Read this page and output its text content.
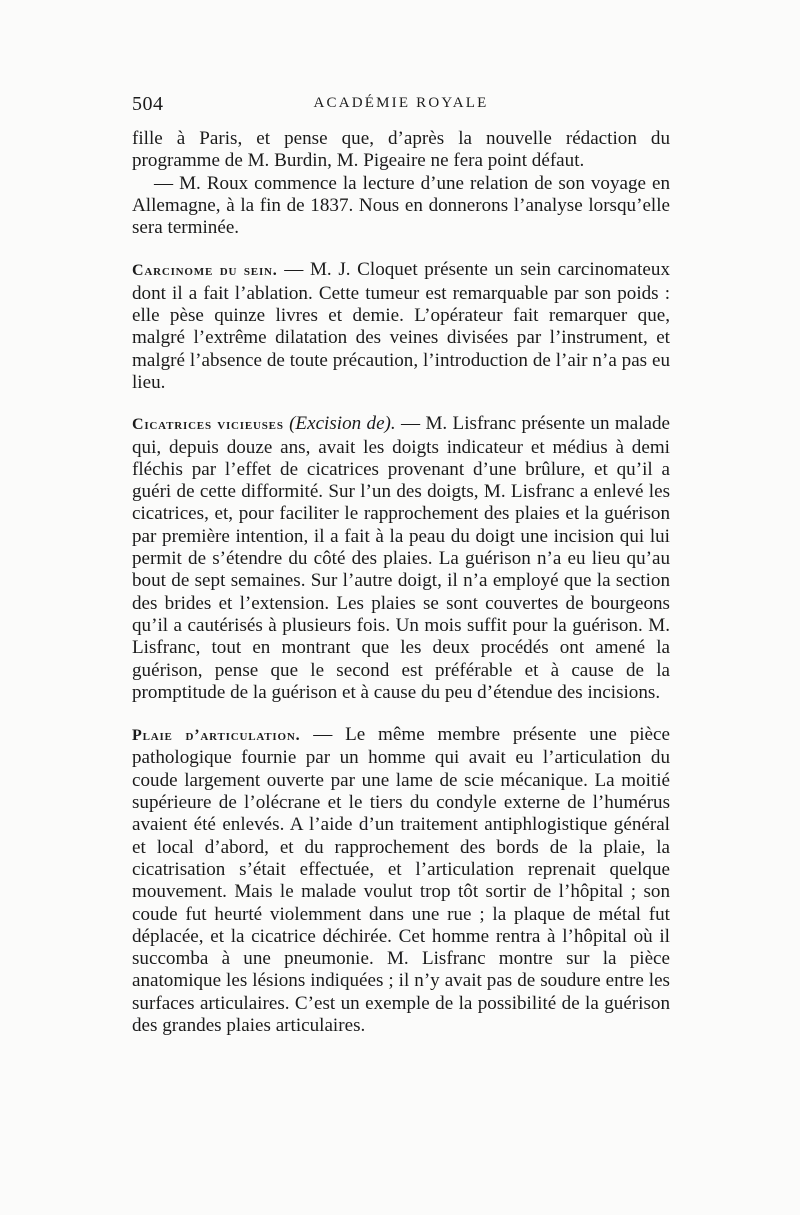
504	ACADÉMIE ROYALE

fille à Paris, et pense que, d’après la nouvelle rédaction du programme de M. Burdin, M. Pigeaire ne fera point défaut.

— M. Roux commence la lecture d’une relation de son voyage en Allemagne, à la fin de 1837. Nous en donnerons l’analyse lorsqu’elle sera terminée.

Carcinome du sein. — M. J. Cloquet présente un sein carcinomateux dont il a fait l’ablation. Cette tumeur est remarquable par son poids : elle pèse quinze livres et demie. L’opérateur fait remarquer que, malgré l’extrême dilatation des veines divisées par l’instrument, et malgré l’absence de toute précaution, l’introduction de l’air n’a pas eu lieu.

Cicatrices vicieuses (Excision de). — M. Lisfranc présente un malade qui, depuis douze ans, avait les doigts indicateur et médius à demi fléchis par l’effet de cicatrices provenant d’une brûlure, et qu’il a guéri de cette difformité. Sur l’un des doigts, M. Lisfranc a enlevé les cicatrices, et, pour faciliter le rapprochement des plaies et la guérison par première intention, il a fait à la peau du doigt une incision qui lui permit de s’étendre du côté des plaies. La guérison n’a eu lieu qu’au bout de sept semaines. Sur l’autre doigt, il n’a employé que la section des brides et l’extension. Les plaies se sont couvertes de bourgeons qu’il a cautérisés à plusieurs fois. Un mois suffit pour la guérison. M. Lisfranc, tout en montrant que les deux procédés ont amené la guérison, pense que le second est préférable et à cause de la promptitude de la guérison et à cause du peu d’étendue des incisions.

Plaie d’articulation. — Le même membre présente une pièce pathologique fournie par un homme qui avait eu l’articulation du coude largement ouverte par une lame de scie mécanique. La moitié supérieure de l’olécrane et le tiers du condyle externe de l’humérus avaient été enlevés. A l’aide d’un traitement antiphlogistique général et local d’abord, et du rapprochement des bords de la plaie, la cicatrisation s’était effectuée, et l’articulation reprenait quelque mouvement. Mais le malade voulut trop tôt sortir de l’hôpital ; son coude fut heurté violemment dans une rue ; la plaque de métal fut déplacée, et la cicatrice déchirée. Cet homme rentra à l’hôpital où il succomba à une pneumonie. M. Lisfranc montre sur la pièce anatomique les lésions indiquées ; il n’y avait pas de soudure entre les surfaces articulaires. C’est un exemple de la possibilité de la guérison des grandes plaies articulaires.
